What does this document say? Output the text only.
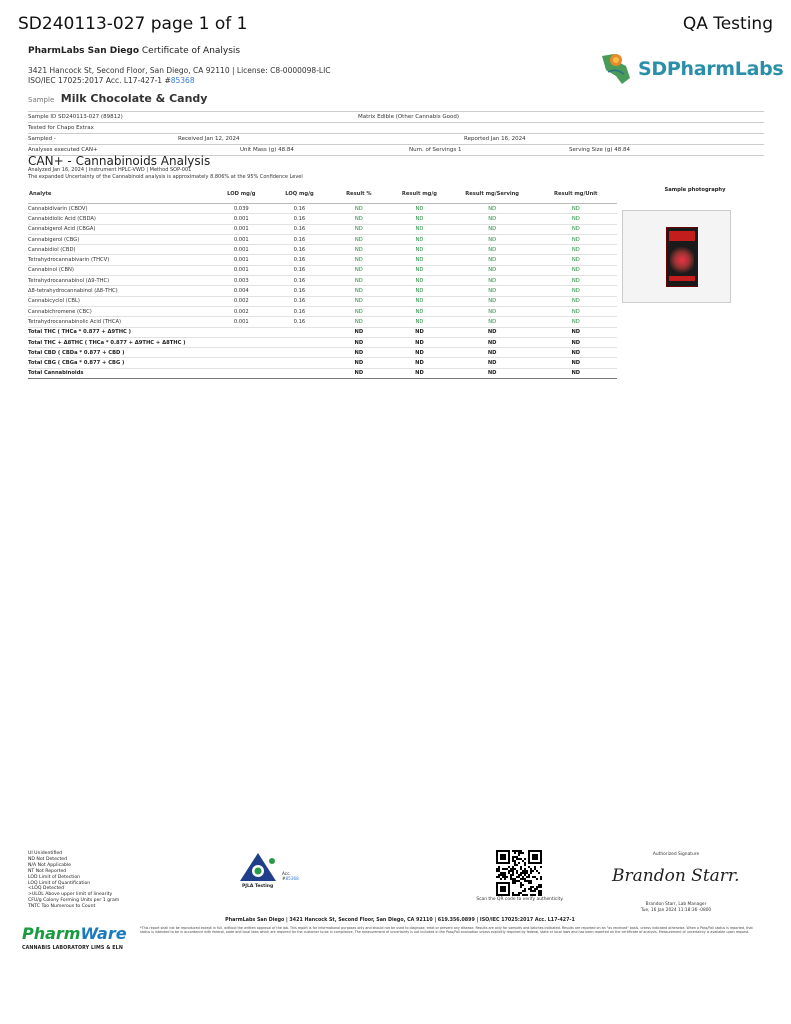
SD240113-027 page 1 of 1	QA Testing
PharmLabs San Diego Certificate of Analysis
3421 Hancock St, Second Floor, San Diego, CA 92110 | License: C8-0000098-LIC
ISO/IEC 17025:2017 Acc. L17-427-1 #85368
SDPharmLabs
Sample Milk Chocolate & Candy
Sample ID SD240113-027 (89812)	Matrix Edible (Other Cannabis Good)
Tested for Chapo Extrax
Sampled -	Received Jan 12, 2024	Reported Jan 16, 2024
Analyses executed CAN+	Unit Mass (g) 48.84	Num. of Servings 1	Serving Size (g) 48.84
CAN+ - Cannabinoids Analysis
Analyzed Jan 16, 2024 | Instrument HPLC-VWD | Method SOP-001
The expanded Uncertainty of the Cannabinoid analysis is approximately 8.806% at the 95% Confidence Level
Analyte	LOD mg/g	LOQ mg/g	Result %	Result mg/g	Result mg/Serving	Result mg/Unit
Cannabidivarin (CBDV)	0.039	0.16	ND	ND	ND	ND
Cannabidiolic Acid (CBDA)	0.001	0.16	ND	ND	ND	ND
Cannabigerol Acid (CBGA)	0.001	0.16	ND	ND	ND	ND
Cannabigerol (CBG)	0.001	0.16	ND	ND	ND	ND
Cannabidiol (CBD)	0.001	0.16	ND	ND	ND	ND
Tetrahydrocannabivarin (THCV)	0.001	0.16	ND	ND	ND	ND
Cannabinol (CBN)	0.001	0.16	ND	ND	ND	ND
Tetrahydrocannabinol (Δ9-THC)	0.003	0.16	ND	ND	ND	ND
Δ8-tetrahydrocannabinol (Δ8-THC)	0.004	0.16	ND	ND	ND	ND
Cannabicyclol (CBL)	0.002	0.16	ND	ND	ND	ND
Cannabichromene (CBC)	0.002	0.16	ND	ND	ND	ND
Tetrahydrocannabinolic Acid (THCA)	0.001	0.16	ND	ND	ND	ND
Total THC ( THCa * 0.877 + Δ9THC )			ND	ND	ND	ND
Total THC + Δ8THC ( THCa * 0.877 + Δ9THC + Δ8THC )			ND	ND	ND	ND
Total CBD ( CBDa * 0.877 + CBD )			ND	ND	ND	ND
Total CBG ( CBGa * 0.877 + CBG )			ND	ND	ND	ND
Total Cannabinoids			ND	ND	ND	ND
Sample photography
UI Unidentified
ND Not Detected
N/A Not Applicable
NT Not Reported
LOD Limit of Detection
LOQ Limit of Quantification
<LOQ Detected
>ULOL Above upper limit of linearity
CFU/g Colony Forming Units per 1 gram
TNTC Too Numerous to Count
Acc. #85368
PJLA Testing
Scan the QR code to verify authenticity.
Authorized Signature
Brandon Starr.
Brandon Starr, Lab Manager
Tue, 16 Jan 2024 11:18:36 -0800
PharmLabs San Diego | 3421 Hancock St, Second Floor, San Diego, CA 92110 | 619.356.0899 | ISO/IEC 17025:2017 Acc. L17-427-1
*This report shall not be reproduced except in full, without the written approval of the lab. This report is for informational purposes only and should not be used to diagnose, treat or prevent any disease. Results are only for samples and batches indicated. Results are reported on an "as received" basis, unless indicated otherwise. When a Pass/Fail status is reported, that status is intended to be in accordance with federal, state and local laws which are required for the customer to be in compliance. The measurement of uncertainty is not included in the Pass/Fail evaluation unless explicitly required by federal, state or local laws and has been reported on the certificate of analysis. Measurement of uncertainty is available upon request.
PharmWare
CANNABIS LABORATORY LIMS & ELN
